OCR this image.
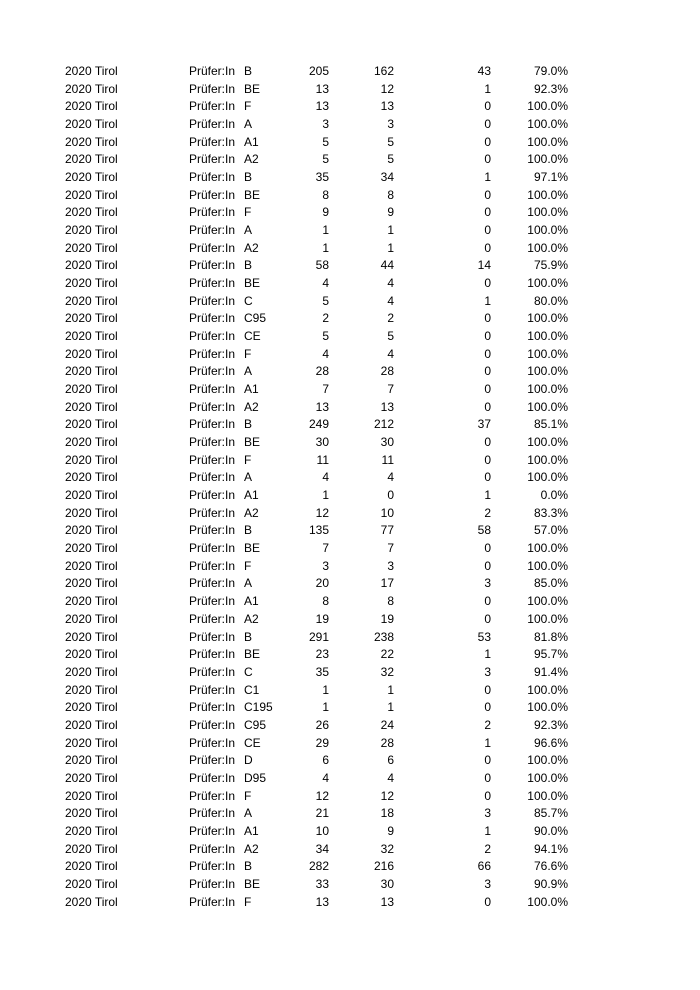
2020 Tirol	Prüfer:In B	205	162	43	79.0%
2020 Tirol	Prüfer:In BE	13	12	1	92.3%
2020 Tirol	Prüfer:In F	13	13	0	100.0%
2020 Tirol	Prüfer:In A	3	3	0	100.0%
2020 Tirol	Prüfer:In A1	5	5	0	100.0%
2020 Tirol	Prüfer:In A2	5	5	0	100.0%
2020 Tirol	Prüfer:In B	35	34	1	97.1%
2020 Tirol	Prüfer:In BE	8	8	0	100.0%
2020 Tirol	Prüfer:In F	9	9	0	100.0%
2020 Tirol	Prüfer:In A	1	1	0	100.0%
2020 Tirol	Prüfer:In A2	1	1	0	100.0%
2020 Tirol	Prüfer:In B	58	44	14	75.9%
2020 Tirol	Prüfer:In BE	4	4	0	100.0%
2020 Tirol	Prüfer:In C	5	4	1	80.0%
2020 Tirol	Prüfer:In C95	2	2	0	100.0%
2020 Tirol	Prüfer:In CE	5	5	0	100.0%
2020 Tirol	Prüfer:In F	4	4	0	100.0%
2020 Tirol	Prüfer:In A	28	28	0	100.0%
2020 Tirol	Prüfer:In A1	7	7	0	100.0%
2020 Tirol	Prüfer:In A2	13	13	0	100.0%
2020 Tirol	Prüfer:In B	249	212	37	85.1%
2020 Tirol	Prüfer:In BE	30	30	0	100.0%
2020 Tirol	Prüfer:In F	11	11	0	100.0%
2020 Tirol	Prüfer:In A	4	4	0	100.0%
2020 Tirol	Prüfer:In A1	1	0	1	0.0%
2020 Tirol	Prüfer:In A2	12	10	2	83.3%
2020 Tirol	Prüfer:In B	135	77	58	57.0%
2020 Tirol	Prüfer:In BE	7	7	0	100.0%
2020 Tirol	Prüfer:In F	3	3	0	100.0%
2020 Tirol	Prüfer:In A	20	17	3	85.0%
2020 Tirol	Prüfer:In A1	8	8	0	100.0%
2020 Tirol	Prüfer:In A2	19	19	0	100.0%
2020 Tirol	Prüfer:In B	291	238	53	81.8%
2020 Tirol	Prüfer:In BE	23	22	1	95.7%
2020 Tirol	Prüfer:In C	35	32	3	91.4%
2020 Tirol	Prüfer:In C1	1	1	0	100.0%
2020 Tirol	Prüfer:In C195	1	1	0	100.0%
2020 Tirol	Prüfer:In C95	26	24	2	92.3%
2020 Tirol	Prüfer:In CE	29	28	1	96.6%
2020 Tirol	Prüfer:In D	6	6	0	100.0%
2020 Tirol	Prüfer:In D95	4	4	0	100.0%
2020 Tirol	Prüfer:In F	12	12	0	100.0%
2020 Tirol	Prüfer:In A	21	18	3	85.7%
2020 Tirol	Prüfer:In A1	10	9	1	90.0%
2020 Tirol	Prüfer:In A2	34	32	2	94.1%
2020 Tirol	Prüfer:In B	282	216	66	76.6%
2020 Tirol	Prüfer:In BE	33	30	3	90.9%
2020 Tirol	Prüfer:In F	13	13	0	100.0%
